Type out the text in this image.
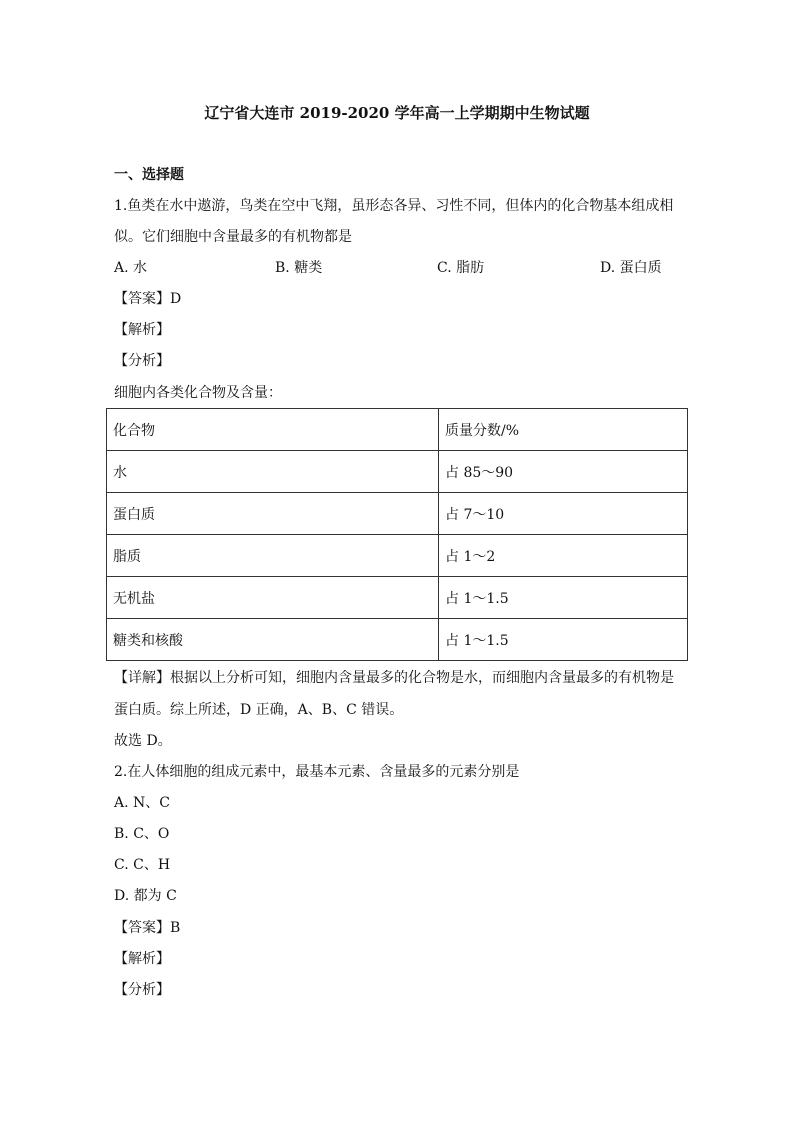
辽宁省大连市 2019-2020 学年高一上学期期中生物试题
一、选择题
1.鱼类在水中遨游，鸟类在空中飞翔，虽形态各异、习性不同，但体内的化合物基本组成相
似。它们细胞中含量最多的有机物都是
A. 水	B. 糖类	C. 脂肪	D. 蛋白质
【答案】D
【解析】
【分析】
细胞内各类化合物及含量：
化合物	质量分数/%
水	占 85～90
蛋白质	占 7～10
脂质	占 1～2
无机盐	占 1～1.5
糖类和核酸	占 1～1.5
【详解】根据以上分析可知，细胞内含量最多的化合物是水，而细胞内含量最多的有机物是
蛋白质。综上所述，D 正确，A、B、C 错误。
故选 D。
2.在人体细胞的组成元素中，最基本元素、含量最多的元素分别是
A. N、C
B. C、O
C. C、H
D. 都为 C
【答案】B
【解析】
【分析】
